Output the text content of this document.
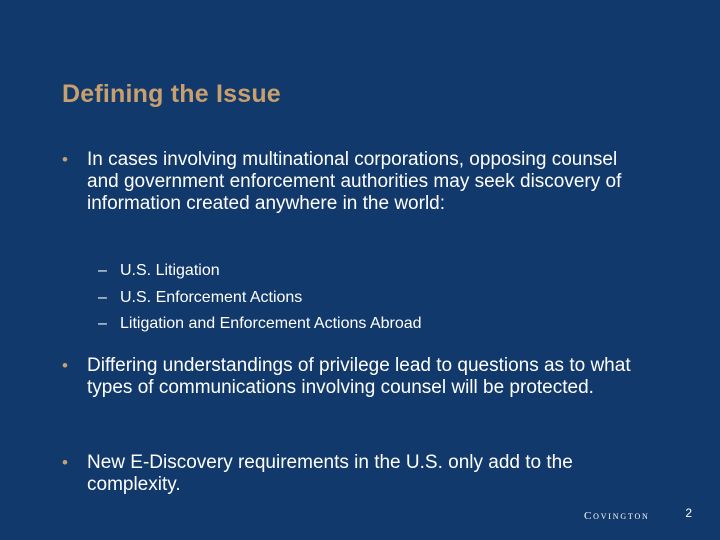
Defining the Issue
• In cases involving multinational corporations, opposing counsel and government enforcement authorities may seek discovery of information created anywhere in the world:
– U.S. Litigation
– U.S. Enforcement Actions
– Litigation and Enforcement Actions Abroad
• Differing understandings of privilege lead to questions as to what types of communications involving counsel will be protected.
• New E-Discovery requirements in the U.S. only add to the complexity.
Covington	2
